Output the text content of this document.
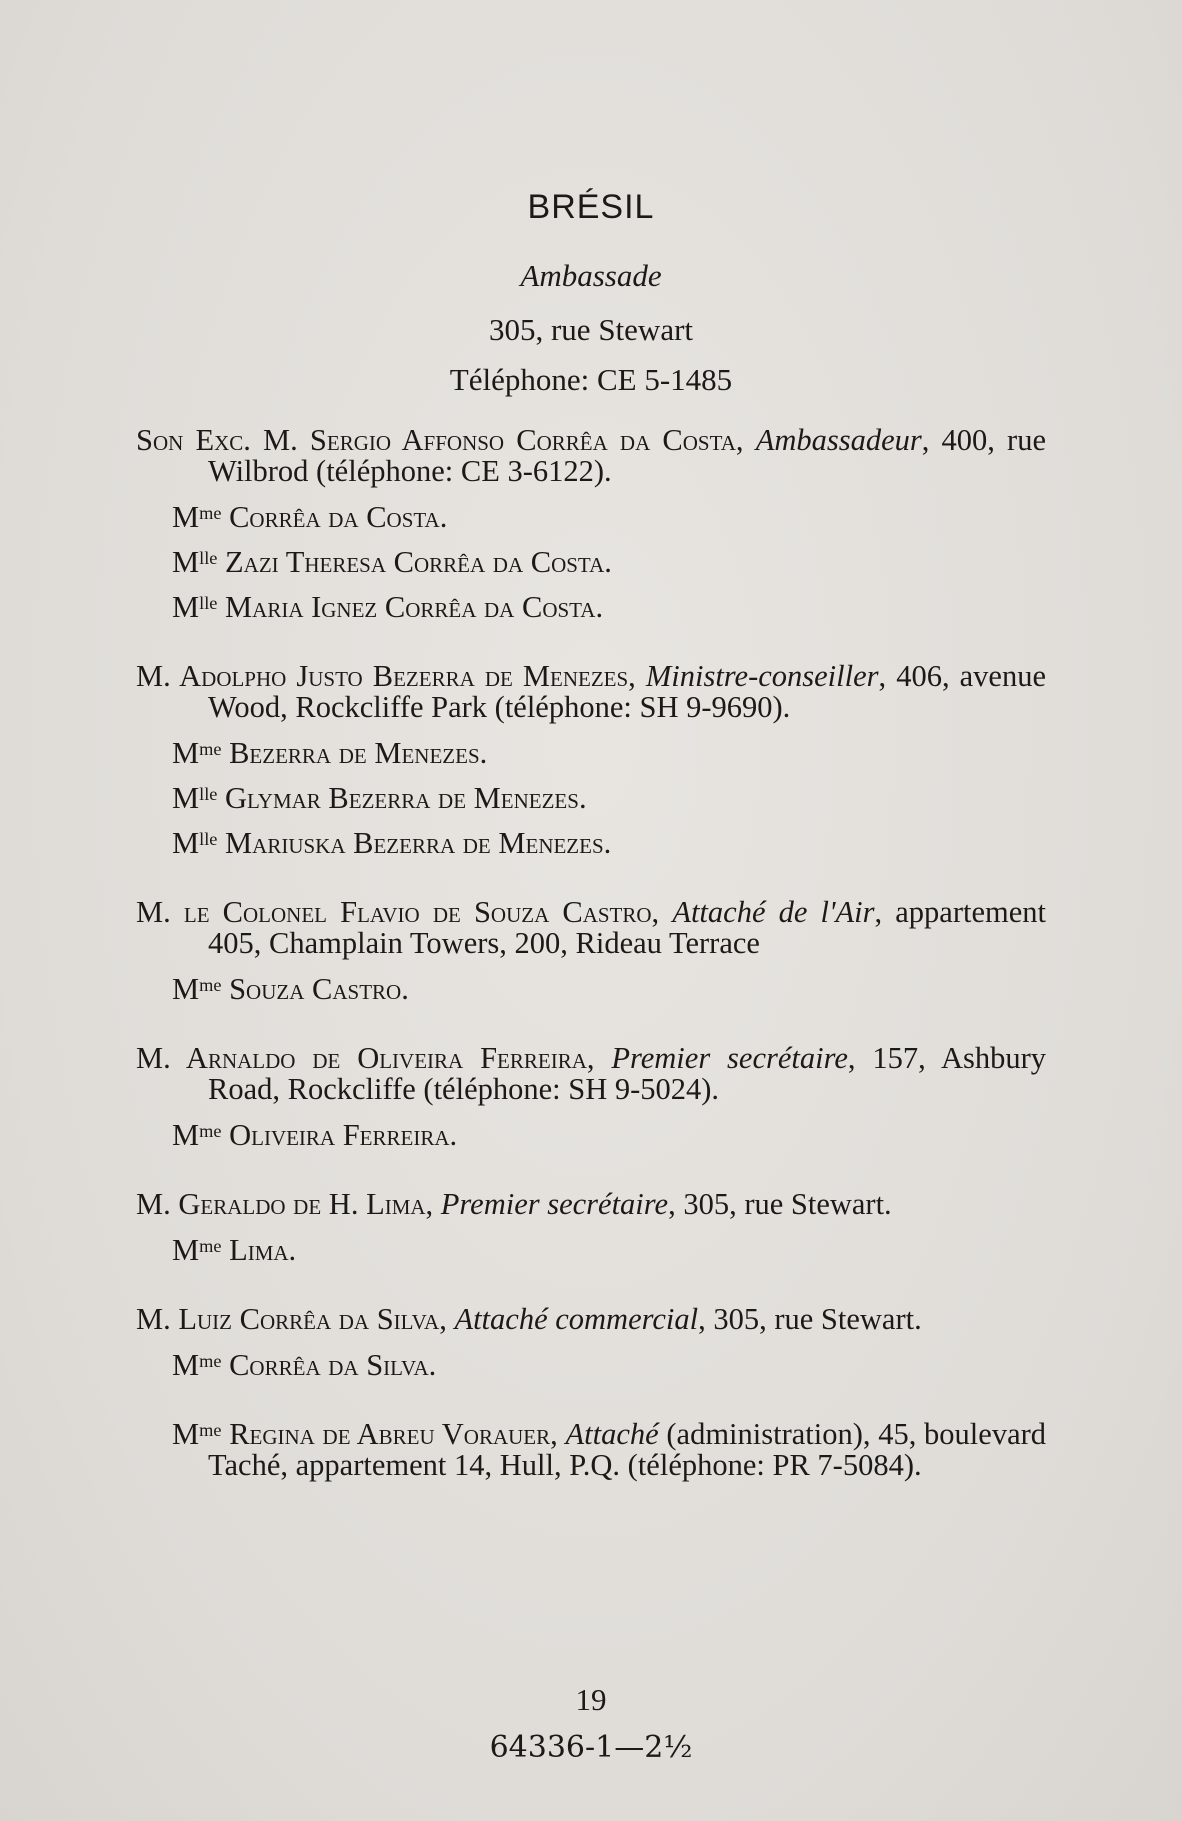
BRÉSIL
Ambassade
305, rue Stewart
Téléphone: CE 5-1485

Son Exc. M. Sergio Affonso Corrêa da Costa, Ambassadeur, 400, rue Wilbrod (téléphone: CE 3-6122).

$M^{me}$ Corrêa da Costa.

$M^{lle}$ Zazi Theresa Corrêa da Costa.

$M^{lle}$ Maria Ignez Corrêa da Costa.

M. Adolpho Justo Bezerra de Menezes, Ministre-conseiller, 406, avenue Wood, Rockcliffe Park (téléphone: SH 9-9690).

$M^{me}$ Bezerra de Menezes.

$M^{lle}$ Glymar Bezerra de Menezes.

$M^{lle}$ Mariuska Bezerra de Menezes.

M. le Colonel Flavio de Souza Castro, Attaché de l'Air, appartement 405, Champlain Towers, 200, Rideau Terrace

$M^{me}$ Souza Castro.

M. Arnaldo de Oliveira Ferreira, Premier secrétaire, 157, Ashbury Road, Rockcliffe (téléphone: SH 9-5024).

$M^{me}$ Oliveira Ferreira.

M. Geraldo de H. Lima, Premier secrétaire, 305, rue Stewart.

$M^{me}$ Lima.

M. Luiz Corrêa da Silva, Attaché commercial, 305, rue Stewart.

$M^{me}$ Corrêa da Silva.

$M^{me}$ Regina de Abreu Vorauer, Attaché (administration), 45, boulevard Taché, appartement 14, Hull, P.Q. (téléphone: PR 7-5084).

19
64336-1—2½
